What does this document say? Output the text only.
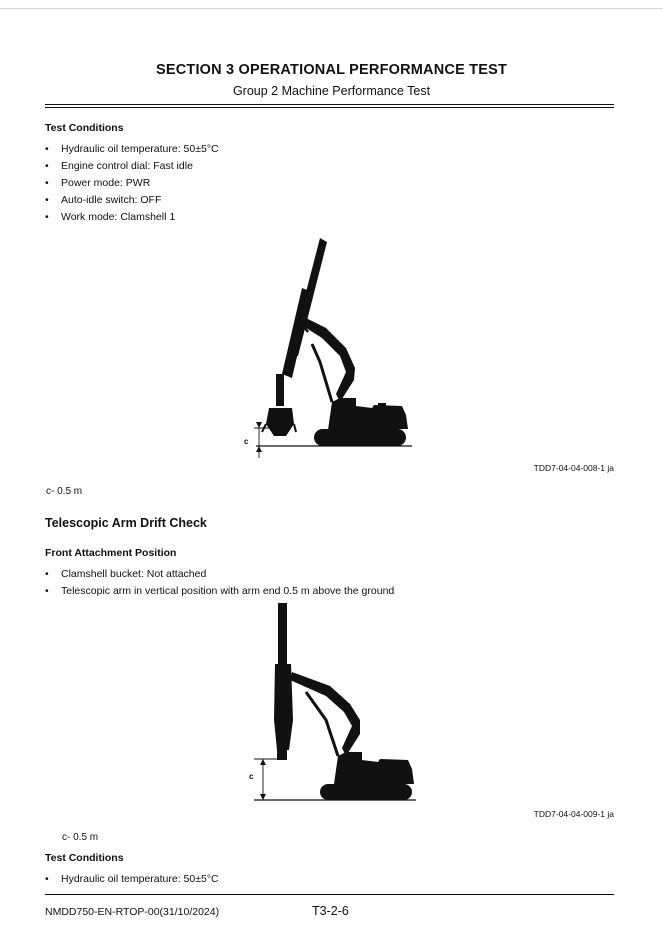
SECTION 3 OPERATIONAL PERFORMANCE TEST
Group 2 Machine Performance Test
Test Conditions
• Hydraulic oil temperature: 50±5°C
• Engine control dial: Fast idle
• Power mode: PWR
• Auto-idle switch: OFF
• Work mode: Clamshell 1
c
TDD7-04-04-008-1 ja
c- 0.5 m
Telescopic Arm Drift Check
Front Attachment Position
• Clamshell bucket: Not attached
• Telescopic arm in vertical position with arm end 0.5 m above the ground
c
TDD7-04-04-009-1 ja
c- 0.5 m
Test Conditions
• Hydraulic oil temperature: 50±5°C
NMDD750-EN-RTOP-00(31/10/2024)	T3-2-6
